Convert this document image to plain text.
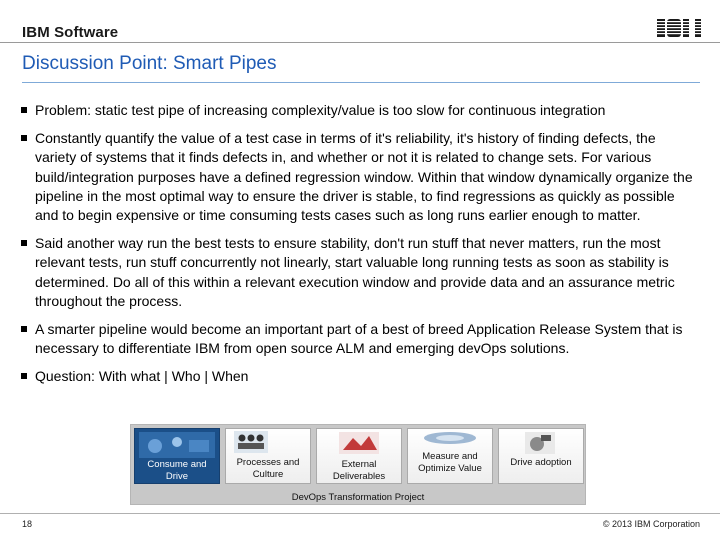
IBM Software
Discussion Point: Smart Pipes
Problem: static test pipe of increasing complexity/value is too slow for continuous integration
Constantly quantify the value of a test case in terms of it's reliability, it's history of finding defects, the variety of systems that it finds defects in, and whether or not it is related to change sets. For various build/integration purposes have a defined regression window. Within that window dynamically organize the pipeline in the most optimal way to ensure the driver is stable, to find regressions as quickly as possible and to begin expensive or time consuming tests cases such as long runs earlier enough to matter.
Said another way run the best tests to ensure stability, don't run stuff that never matters, run the most relevant tests, run stuff concurrently not linearly, start valuable long running tests as soon as stability is determined. Do all of this within a relevant execution window and provide data and an assurance metric throughout the process.
A smarter pipeline would become an important part of a best of breed Application Release System that is necessary to differentiate IBM from open source ALM and emerging devOps solutions.
Question: With what | Who | When
Consume and Drive
Processes and Culture
External Deliverables
Measure and Optimize Value
Drive adoption
DevOps Transformation Project
18	© 2013 IBM Corporation
